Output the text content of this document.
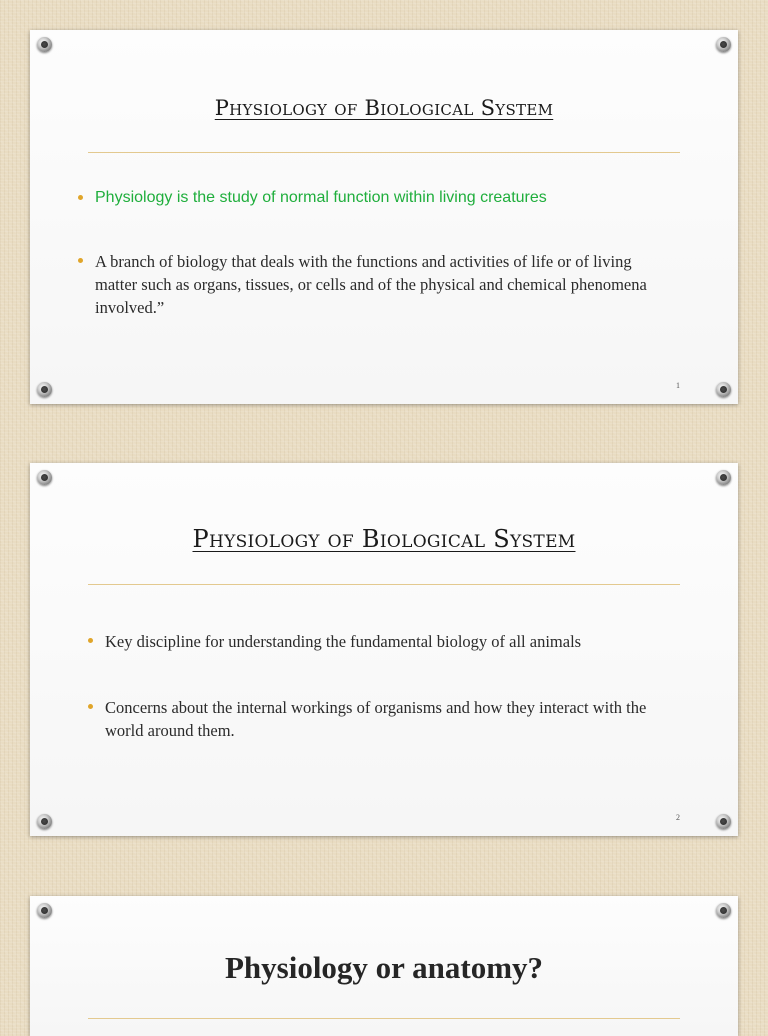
Physiology of Biological System
Physiology is the study of normal function within living creatures
A branch of biology that deals with the functions and activities of life or of living matter such as organs, tissues, or cells and of the physical and chemical phenomena involved.”
1
Physiology of Biological System
Key discipline for understanding the fundamental biology of all animals
Concerns about the internal workings of organisms and how they interact with the world around them.
2
Physiology or anatomy?
